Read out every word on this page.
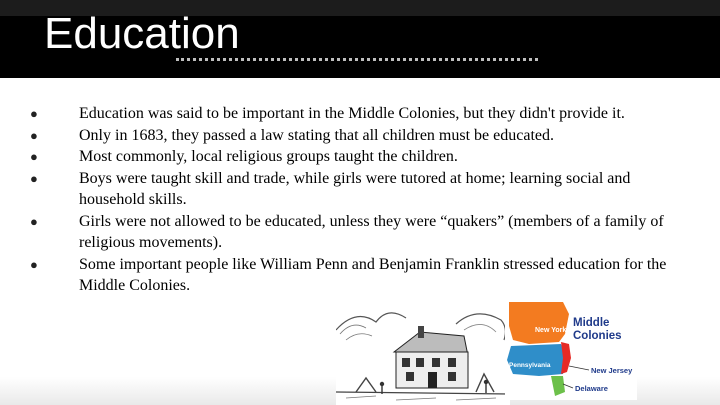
Education
●	Education was said to be important in the Middle Colonies, but they didn't provide it.
●	Only in 1683, they passed a law stating that all children must be educated.
●	Most commonly, local religious groups taught the children.
●	Boys were taught skill and trade, while girls were tutored at home; learning social and household skills.
●	Girls were not allowed to be educated, unless they were “quakers” (members of a family of religious movements).
●	Some important people like William Penn and Benjamin Franklin stressed education for the Middle Colonies.
Middle
Colonies
New York
Pennsylvania
New Jersey
Delaware
